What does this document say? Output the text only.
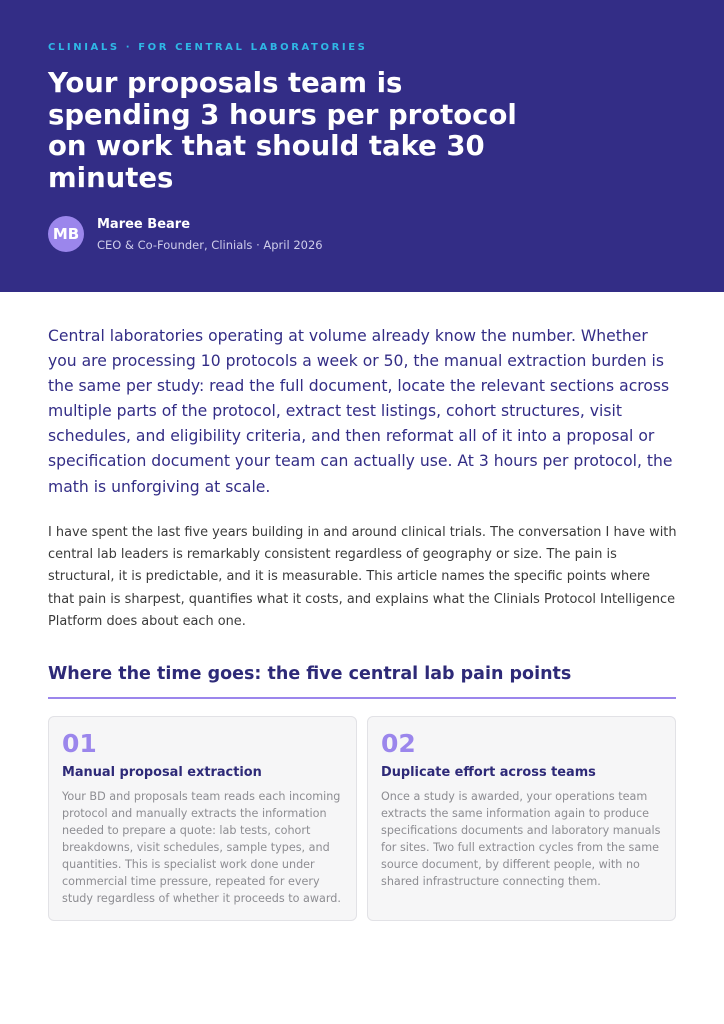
CLINIALS · FOR CENTRAL LABORATORIES
Your proposals team is spending 3 hours per protocol on work that should take 30 minutes
MB
Maree Beare
CEO & Co-Founder, Clinials · April 2026

Central laboratories operating at volume already know the number. Whether you are processing 10 protocols a week or 50, the manual extraction burden is the same per study: read the full document, locate the relevant sections across multiple parts of the protocol, extract test listings, cohort structures, visit schedules, and eligibility criteria, and then reformat all of it into a proposal or specification document your team can actually use. At 3 hours per protocol, the math is unforgiving at scale.

I have spent the last five years building in and around clinical trials. The conversation I have with central lab leaders is remarkably consistent regardless of geography or size. The pain is structural, it is predictable, and it is measurable. This article names the specific points where that pain is sharpest, quantifies what it costs, and explains what the Clinials Protocol Intelligence Platform does about each one.

Where the time goes: the five central lab pain points
01
Manual proposal extraction

Your BD and proposals team reads each incoming protocol and manually extracts the information needed to prepare a quote: lab tests, cohort breakdowns, visit schedules, sample types, and quantities. This is specialist work done under commercial time pressure, repeated for every study regardless of whether it proceeds to award.

02
Duplicate effort across teams

Once a study is awarded, your operations team extracts the same information again to produce specifications documents and laboratory manuals for sites. Two full extraction cycles from the same source document, by different people, with no shared infrastructure connecting them.
